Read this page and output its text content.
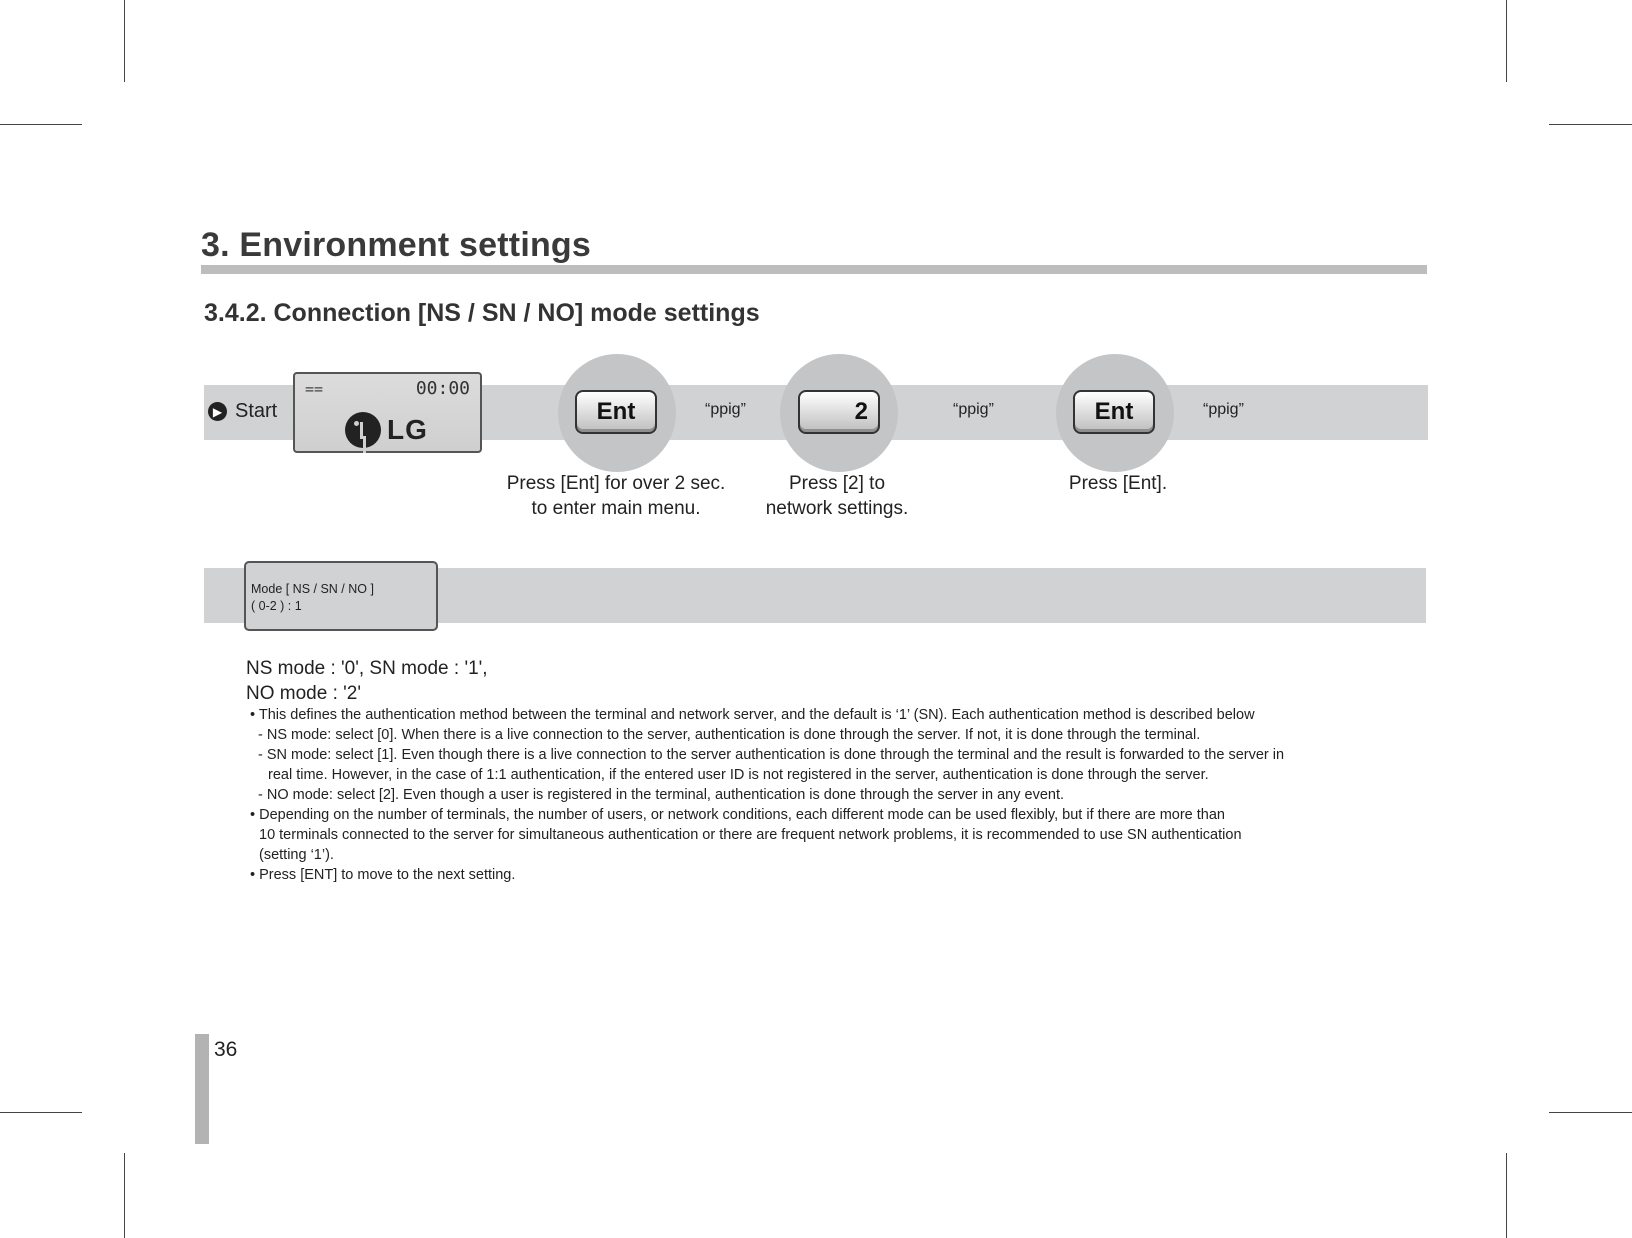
3. Environment settings
3.4.2. Connection [NS / SN / NO] mode settings
▶ Start
==	00:00
LG
Ent	“ppig”
Press [Ent] for over 2 sec.
to enter main menu.
2	“ppig”
Press [2] to
network settings.
Ent	“ppig”
Press [Ent].
Mode [ NS / SN / NO ]
( 0-2 ) : 1
NS mode : '0', SN mode : '1',
NO mode : '2'
• This defines the authentication method between the terminal and network server, and the default is ‘1’ (SN). Each authentication method is described below
- NS mode: select [0]. When there is a live connection to the server, authentication is done through the server. If not, it is done through the terminal.
- SN mode: select [1]. Even though there is a live connection to the server authentication is done through the terminal and the result is forwarded to the server in
real time. However, in the case of 1:1 authentication, if the entered user ID is not registered in the server, authentication is done through the server.
- NO mode: select [2]. Even though a user is registered in the terminal, authentication is done through the server in any event.
• Depending on the number of terminals, the number of users, or network conditions, each different mode can be used flexibly, but if there are more than
10 terminals connected to the server for simultaneous authentication or there are frequent network problems, it is recommended to use SN authentication
(setting ‘1’).
• Press [ENT] to move to the next setting.
36
